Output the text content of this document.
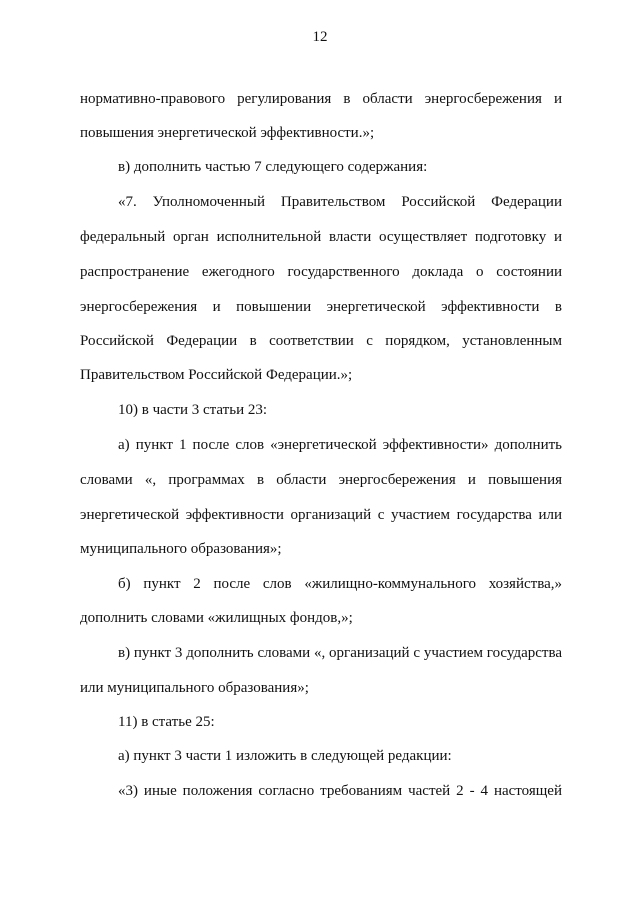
12
нормативно-правового регулирования в области энергосбережения и
повышения энергетической эффективности.»;
в) дополнить частью 7 следующего содержания:
«7. Уполномоченный Правительством Российской Федерации
федеральный орган исполнительной власти осуществляет подготовку и
распространение ежегодного государственного доклада о состоянии
энергосбережения и повышении энергетической эффективности в
Российской Федерации в соответствии с порядком, установленным
Правительством Российской Федерации.»;
10) в части 3 статьи 23:
а) пункт 1 после слов «энергетической эффективности» дополнить
словами «, программах в области энергосбережения и повышения
энергетической эффективности организаций с участием государства или
муниципального образования»;
б) пункт 2 после слов «жилищно-коммунального хозяйства,»
дополнить словами «жилищных фондов,»;
в) пункт 3 дополнить словами «, организаций с участием государства
или муниципального образования»;
11) в статье 25:
а) пункт 3 части 1 изложить в следующей редакции:
«3) иные положения согласно требованиям частей 2 - 4 настоящей
